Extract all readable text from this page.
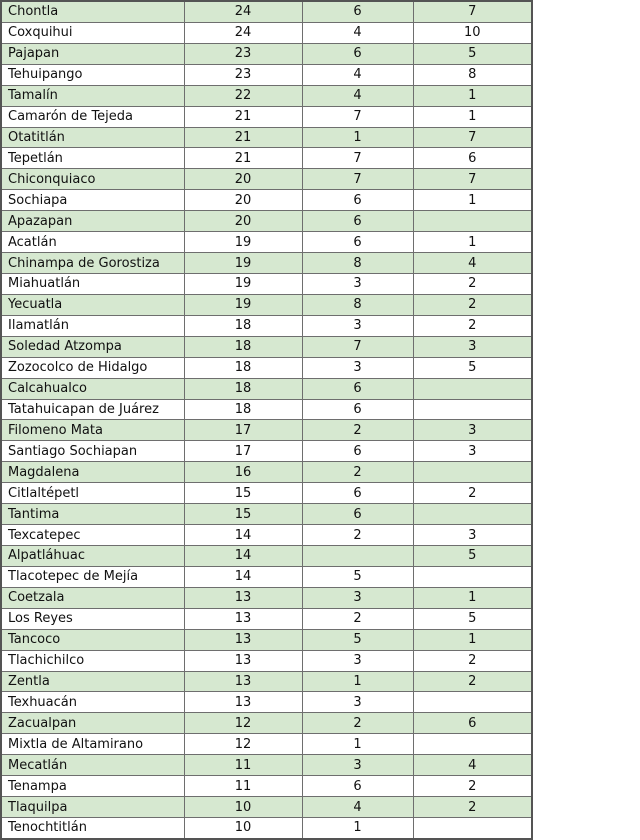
Chontla	24	6	7
Coxquihui	24	4	10
Pajapan	23	6	5
Tehuipango	23	4	8
Tamalín	22	4	1
Camarón de Tejeda	21	7	1
Otatitlán	21	1	7
Tepetlán	21	7	6
Chiconquiaco	20	7	7
Sochiapa	20	6	1
Apazapan	20	6	
Acatlán	19	6	1
Chinampa de Gorostiza	19	8	4
Miahuatlán	19	3	2
Yecuatla	19	8	2
Ilamatlán	18	3	2
Soledad Atzompa	18	7	3
Zozocolco de Hidalgo	18	3	5
Calcahualco	18	6	
Tatahuicapan de Juárez	18	6	
Filomeno Mata	17	2	3
Santiago Sochiapan	17	6	3
Magdalena	16	2	
Citlaltépetl	15	6	2
Tantima	15	6	
Texcatepec	14	2	3
Alpatláhuac	14		5
Tlacotepec de Mejía	14	5	
Coetzala	13	3	1
Los Reyes	13	2	5
Tancoco	13	5	1
Tlachichilco	13	3	2
Zentla	13	1	2
Texhuacán	13	3	
Zacualpan	12	2	6
Mixtla de Altamirano	12	1	
Mecatlán	11	3	4
Tenampa	11	6	2
Tlaquilpa	10	4	2
Tenochtitlán	10	1	
